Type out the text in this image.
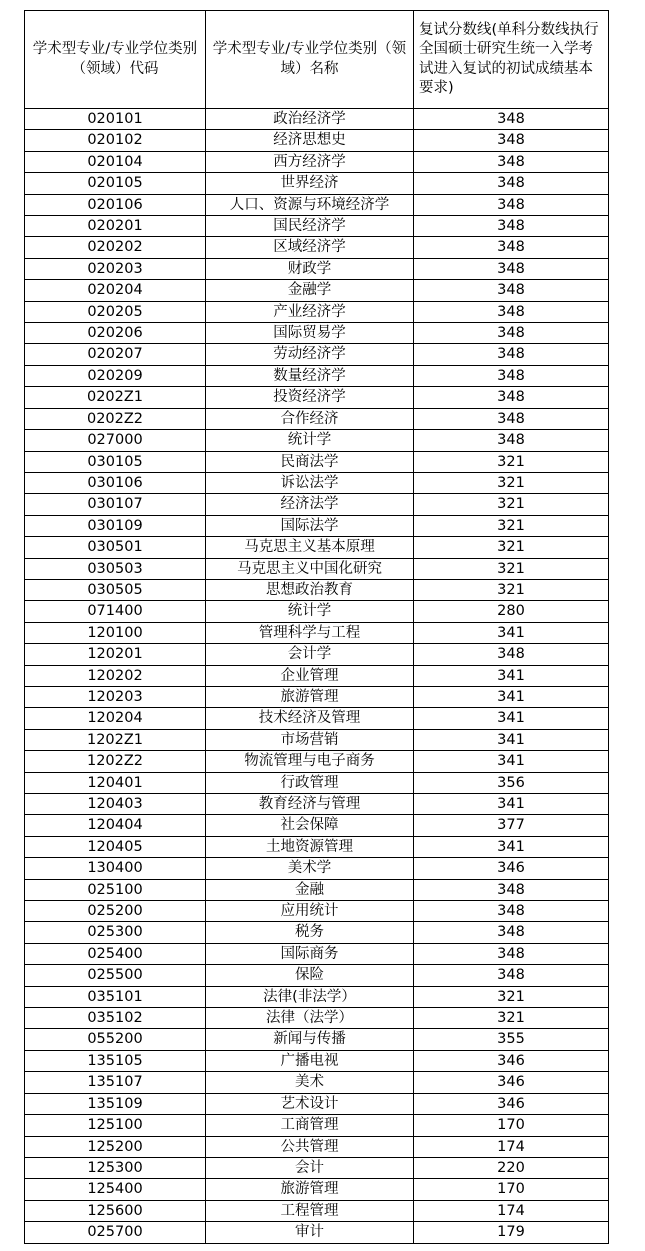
学术型专业/专业学位类别（领域）代码	学术型专业/专业学位类别（领域）名称	复试分数线(单科分数线执行全国硕士研究生统一入学考试进入复试的初试成绩基本要求)
020101	政治经济学	348
020102	经济思想史	348
020104	西方经济学	348
020105	世界经济	348
020106	人口、资源与环境经济学	348
020201	国民经济学	348
020202	区域经济学	348
020203	财政学	348
020204	金融学	348
020205	产业经济学	348
020206	国际贸易学	348
020207	劳动经济学	348
020209	数量经济学	348
0202Z1	投资经济学	348
0202Z2	合作经济	348
027000	统计学	348
030105	民商法学	321
030106	诉讼法学	321
030107	经济法学	321
030109	国际法学	321
030501	马克思主义基本原理	321
030503	马克思主义中国化研究	321
030505	思想政治教育	321
071400	统计学	280
120100	管理科学与工程	341
120201	会计学	348
120202	企业管理	341
120203	旅游管理	341
120204	技术经济及管理	341
1202Z1	市场营销	341
1202Z2	物流管理与电子商务	341
120401	行政管理	356
120403	教育经济与管理	341
120404	社会保障	377
120405	土地资源管理	341
130400	美术学	346
025100	金融	348
025200	应用统计	348
025300	税务	348
025400	国际商务	348
025500	保险	348
035101	法律(非法学）	321
035102	法律（法学）	321
055200	新闻与传播	355
135105	广播电视	346
135107	美术	346
135109	艺术设计	346
125100	工商管理	170
125200	公共管理	174
125300	会计	220
125400	旅游管理	170
125600	工程管理	174
025700	审计	179
